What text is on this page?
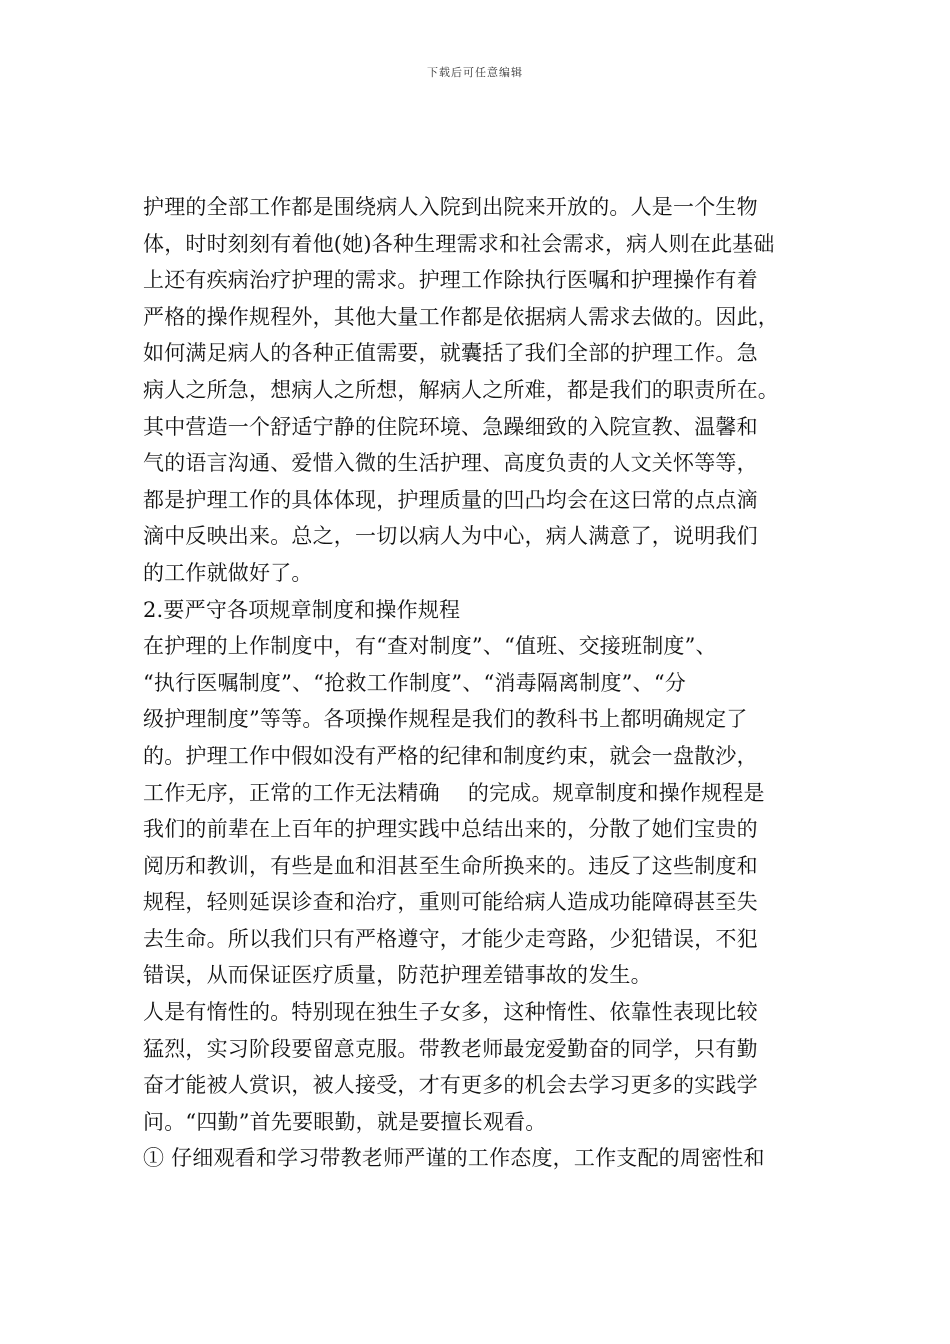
下载后可任意编辑
护理的全部工作都是围绕病人入院到出院来开放的。人是一个生物
体，时时刻刻有着他(她)各种生理需求和社会需求，病人则在此基础
上还有疾病治疗护理的需求。护理工作除执行医嘱和护理操作有着
严格的操作规程外，其他大量工作都是依据病人需求去做的。因此，
如何满足病人的各种正值需要，就囊括了我们全部的护理工作。急
病人之所急，想病人之所想，解病人之所难，都是我们的职责所在。
其中营造一个舒适宁静的住院环境、急躁细致的入院宣教、温馨和
气的语言沟通、爱惜入微的生活护理、高度负责的人文关怀等等，
都是护理工作的具体体现，护理质量的凹凸均会在这曰常的点点滴
滴中反映出来。总之，一切以病人为中心，病人满意了，说明我们
的工作就做好了。
2.要严守各项规章制度和操作规程
在护理的上作制度中，有“查对制度”、“值班、交接班制度”、
“执行医嘱制度”、“抢救工作制度”、“消毒隔离制度”、“分
级护理制度”等等。各项操作规程是我们的教科书上都明确规定了
的。护理工作中假如没有严格的纪律和制度约束，就会一盘散沙，
工作无序，正常的工作无法精确　 的完成。规章制度和操作规程是
我们的前辈在上百年的护理实践中总结出来的，分散了她们宝贵的
阅历和教训，有些是血和泪甚至生命所换来的。违反了这些制度和
规程，轻则延误诊查和治疗，重则可能给病人造成功能障碍甚至失
去生命。所以我们只有严格遵守，才能少走弯路，少犯错误，不犯
错误，从而保证医疗质量，防范护理差错事故的发生。
人是有惰性的。特别现在独生子女多，这种惰性、依靠性表现比较
猛烈，实习阶段要留意克服。带教老师最宠爱勤奋的同学，只有勤
奋才能被人赏识，被人接受，才有更多的机会去学习更多的实践学
问。“四勤”首先要眼勤，就是要擅长观看。
① 仔细观看和学习带教老师严谨的工作态度，工作支配的周密性和
